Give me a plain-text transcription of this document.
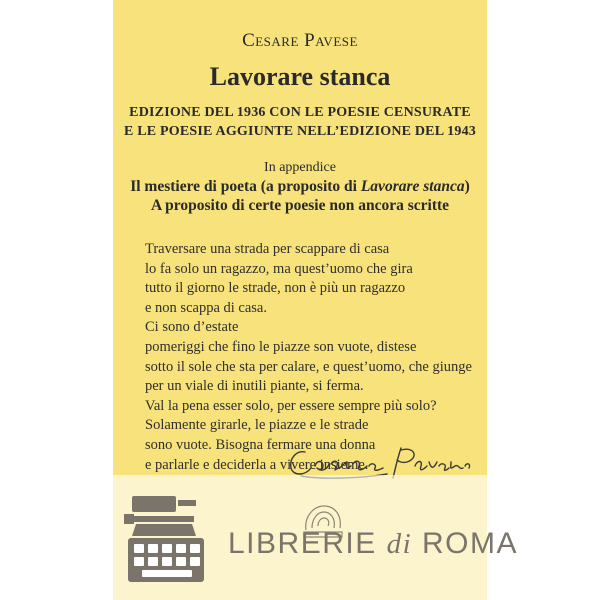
Cesare Pavese
Lavorare stanca
EDIZIONE DEL 1936 CON LE POESIE CENSURATE
E LE POESIE AGGIUNTE NELL’EDIZIONE DEL 1943
In appendice
Il mestiere di poeta (a proposito di Lavorare stanca)
A proposito di certe poesie non ancora scritte
Traversare una strada per scappare di casa
lo fa solo un ragazzo, ma quest’uomo che gira
tutto il giorno le strade, non è più un ragazzo
e non scappa di casa.
Ci sono d’estate
pomeriggi che fino le piazze son vuote, distese
sotto il sole che sta per calare, e quest’uomo, che giunge
per un viale di inutili piante, si ferma.
Val la pena esser solo, per essere sempre più solo?
Solamente girarle, le piazze e le strade
sono vuote. Bisogna fermare una donna
e parlarle e deciderla a vivere insieme.
LIBRERIE di ROMA
